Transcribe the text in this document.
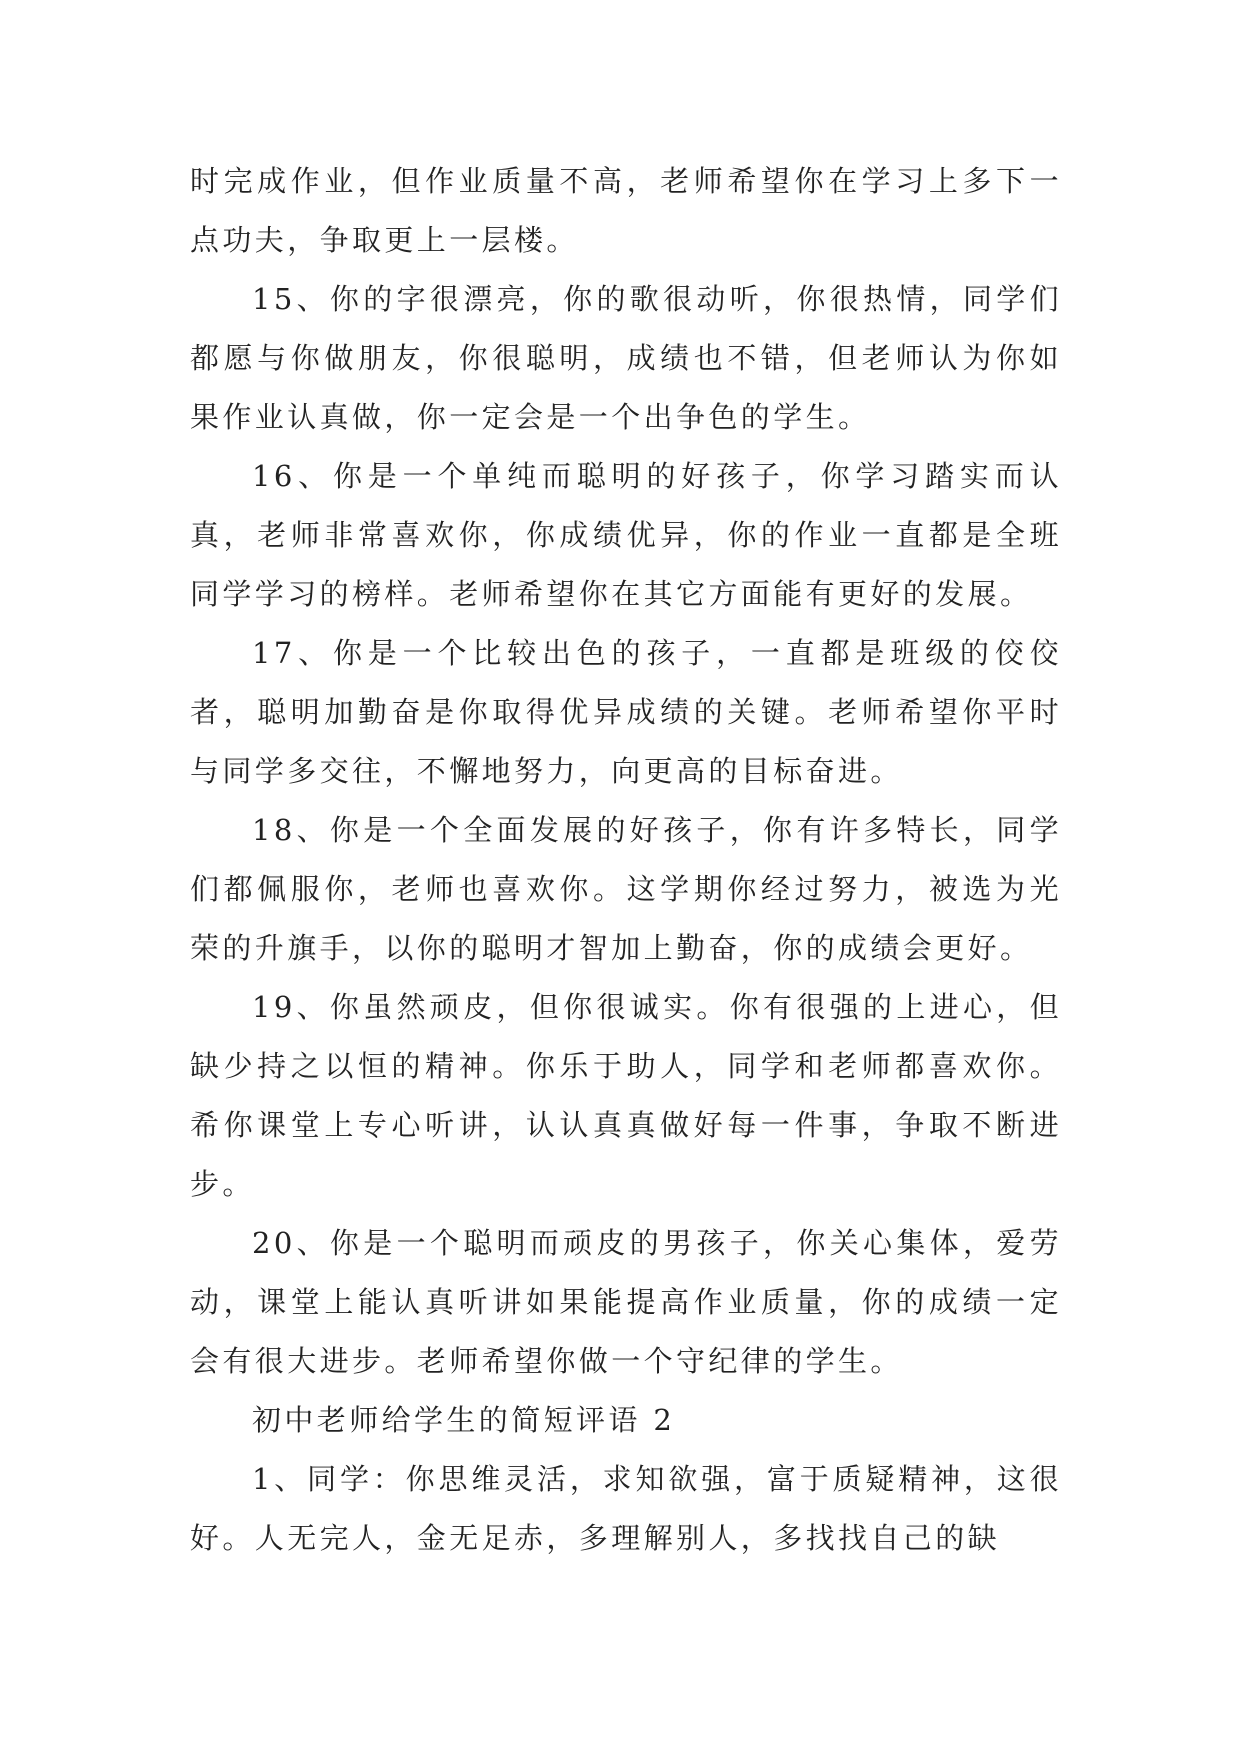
时完成作业，但作业质量不高，老师希望你在学习上多下一点功夫，争取更上一层楼。

15、你的字很漂亮，你的歌很动听，你很热情，同学们都愿与你做朋友，你很聪明，成绩也不错，但老师认为你如果作业认真做，你一定会是一个出争色的学生。

16、你是一个单纯而聪明的好孩子，你学习踏实而认真，老师非常喜欢你，你成绩优异，你的作业一直都是全班同学学习的榜样。老师希望你在其它方面能有更好的发展。

17、你是一个比较出色的孩子，一直都是班级的佼佼者，聪明加勤奋是你取得优异成绩的关键。老师希望你平时与同学多交往，不懈地努力，向更高的目标奋进。

18、你是一个全面发展的好孩子，你有许多特长，同学们都佩服你，老师也喜欢你。这学期你经过努力，被选为光荣的升旗手，以你的聪明才智加上勤奋，你的成绩会更好。

19、你虽然顽皮，但你很诚实。你有很强的上进心，但缺少持之以恒的精神。你乐于助人，同学和老师都喜欢你。希你课堂上专心听讲，认认真真做好每一件事，争取不断进步。

20、你是一个聪明而顽皮的男孩子，你关心集体，爱劳动，课堂上能认真听讲如果能提高作业质量，你的成绩一定会有很大进步。老师希望你做一个守纪律的学生。

初中老师给学生的简短评语 2

1、同学：你思维灵活，求知欲强，富于质疑精神，这很好。人无完人，金无足赤，多理解别人，多找找自己的缺
